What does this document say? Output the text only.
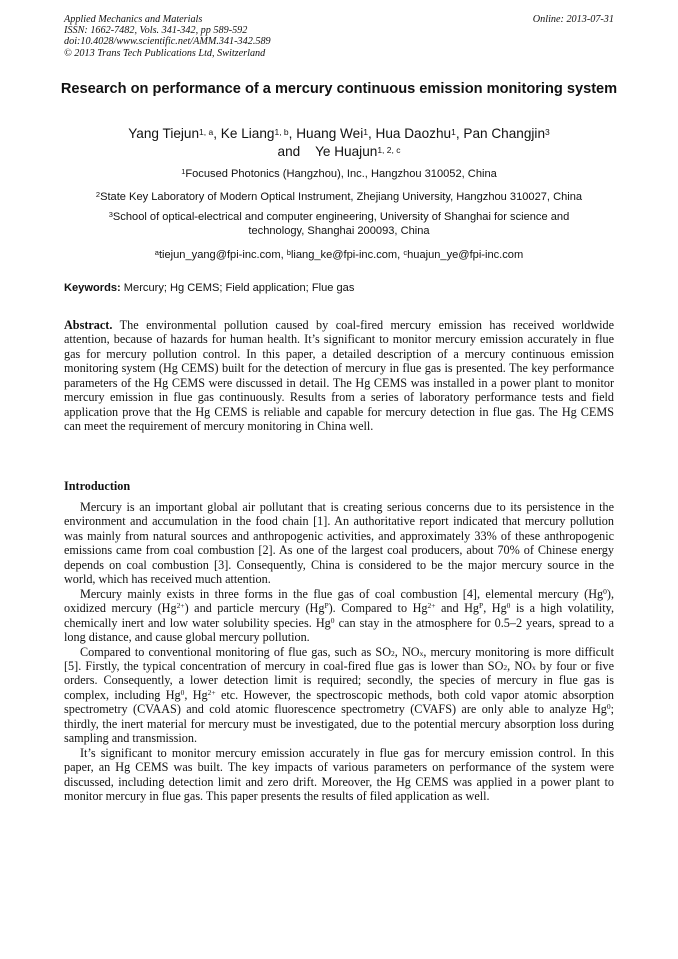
Applied Mechanics and Materials
ISSN: 1662-7482, Vols. 341-342, pp 589-592
doi:10.4028/www.scientific.net/AMM.341-342.589
© 2013 Trans Tech Publications Ltd, Switzerland
Online: 2013-07-31
Research on performance of a mercury continuous emission monitoring system
Yang Tiejun$^{1, a}$, Ke Liang$^{1, b}$, Huang Wei$^1$, Hua Daozhu$^1$, Pan Changjin$^3$
and Ye Huajun$^{1, 2, c}$
$^1$Focused Photonics (Hangzhou), Inc., Hangzhou 310052, China
$^2$State Key Laboratory of Modern Optical Instrument, Zhejiang University, Hangzhou 310027, China
$^3$School of optical-electrical and computer engineering, University of Shanghai for science and technology, Shanghai 200093, China
$^a$tiejun_yang@fpi-inc.com, $^b$liang_ke@fpi-inc.com, $^c$huajun_ye@fpi-inc.com
Keywords: Mercury; Hg CEMS; Field application; Flue gas
Abstract. The environmental pollution caused by coal-fired mercury emission has received worldwide attention, because of hazards for human health. It’s significant to monitor mercury emission accurately in flue gas for mercury pollution control. In this paper, a detailed description of a mercury continuous emission monitoring system (Hg CEMS) built for the detection of mercury in flue gas is presented. The key performance parameters of the Hg CEMS were discussed in detail. The Hg CEMS was installed in a power plant to monitor mercury emission in flue gas continuously. Results from a series of laboratory performance tests and field application prove that the Hg CEMS is reliable and capable for mercury detection in flue gas. The Hg CEMS can meet the requirement of mercury monitoring in China well.
Introduction

Mercury is an important global air pollutant that is creating serious concerns due to its persistence in the environment and accumulation in the food chain [1]. An authoritative report indicated that mercury pollution was mainly from natural sources and anthropogenic activities, and approximately 33% of these anthropogenic emissions came from coal combustion [2]. As one of the largest coal producers, about 70% of Chinese energy depends on coal combustion [3]. Consequently, China is considered to be the major mercury source in the world, which has received much attention.

Mercury mainly exists in three forms in the flue gas of coal combustion [4], elemental mercury (Hg$^0$), oxidized mercury $(Hg^{2+})$ and particle mercury $(Hg^P)$. Compared to $Hg^{2+}$ and $Hg^P$, Hg$^0$ is a high volatility, chemically inert and low water solubility species. Hg$^0$ can stay in the atmosphere for 0.5–2 years, spread to a long distance, and cause global mercury pollution.

Compared to conventional monitoring of flue gas, such as $SO_2$, $NO_x$, mercury monitoring is more difficult [5]. Firstly, the typical concentration of mercury in coal-fired flue gas is lower than $SO_2$, $NO_x$ by four or five orders. Consequently, a lower detection limit is required; secondly, the species of mercury in flue gas is complex, including Hg$^0$, $Hg^{2+}$ etc. However, the spectroscopic methods, both cold vapor atomic absorption spectrometry (CVAAS) and cold atomic fluorescence spectrometry (CVAFS) are only able to analyze Hg$^0$; thirdly, the inert material for mercury must be investigated, due to the potential mercury absorption loss during sampling and transmission.

It’s significant to monitor mercury emission accurately in flue gas for mercury emission control. In this paper, an Hg CEMS was built. The key impacts of various parameters on performance of the system were discussed, including detection limit and zero drift. Moreover, the Hg CEMS was applied in a power plant to monitor mercury in flue gas. This paper presents the results of filed application as well.
